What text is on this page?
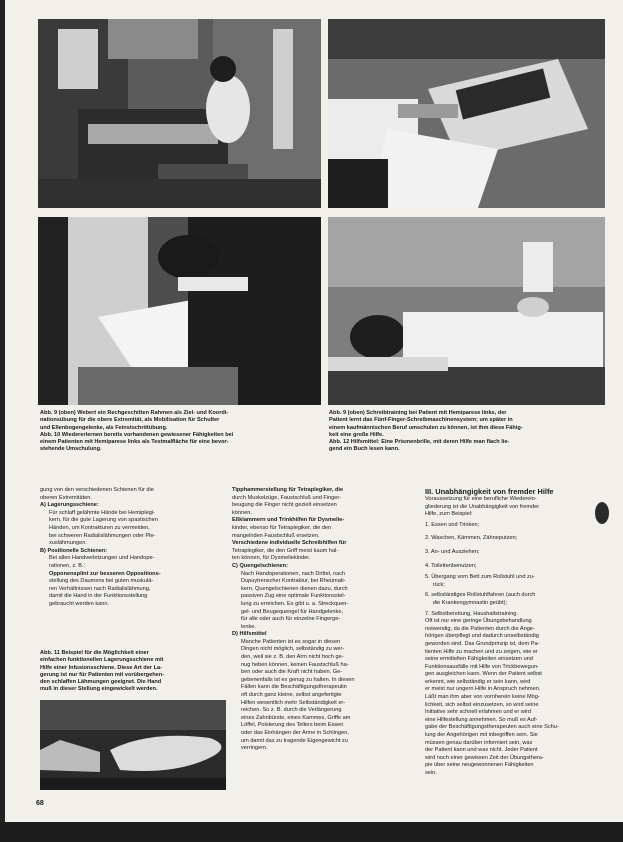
Abb. 9 (oben) Webert ein Rechgeschitten Rahmen als Ziel- und Koordi-

nationsübung für die obere Extremität, als Mobilisation für Schulter

und Ellenbogengelenke, als Feinstschrittübung.

Abb. 10 Wiedererlernen bereits vorhandenen gewiesener Fähigkeiten bei

einem Patienten mit Hemiparese links als Testmalfläche für eine bevor-

stehende Umschulung.

Abb. 9 (oben) Schreibtraining bei Patient mit Hemiparese links, der

Patient lernt das Fünf-Finger-Schreibmaschinensystem; um später in

einem kaufmännischen Beruf umschulen zu können, ist ihm diese Fähig-

keit eine große Hilfe.

Abb. 12 Hilfsmittel: Eine Prismenbrille, mit deren Hilfe man flach lie-

gend ein Buch lesen kann.

gung von den verschiedenen Schienen für die

oberen Extremitäten.

A) Lagerungsschiene:

Für schlaff gelähmte Hände bei Hemiplegi-

kern, für die gute Lagerung von spastischen

Händen, um Kontrakturen zu vermeiden,

bei schweren Radialislähmungen oder Ple-

xuslähmungen.

B) Positionelle Schienen:

Bei allen Handverletzungen und Handope-

rationen, z. B.:

Opponensplint zur besseren Oppositions-

stellung des Daumens bei guten muskulä-

ren Verhältnissen nach Radialislähmung,

damit die Hand in der Funktionsstellung

gebraucht werden kann.

Abb. 11 Beispiel für die Möglichkeit einer

einfachen funktionellen Lagerungsschiene mit

Hilfe einer Infusionsschiene. Diese Art der La-

gerung ist nur für Patienten mit vorübergehen-

den schlaffen Lähmungen geeignet. Die Hand

muß in dieser Stellung eingewickelt werden.

Tipphammerstellung für Tetraplegiker, die

durch Muskelzüge, Faustschluß und Finger-

beugung die Finger nicht gezielt einsetzen

können.

Eßklammern und Trinkhilfen für Dysmelie-

kinder, ebenso für Tetraplegiker, die den

mangelnden Faustschluß ersetzen.

Verschiedene individuelle Schreibhilfen für

Tetraplegiker, die den Griff meist kaum hal-

ten können, für Dysmeliekinder.

C) Quengelschienen:

Nach Handoperationen, nach Drittel, nach

Dupuytrenscher Kontraktur, bei Rheumati-

kern. Quengelschienen dienen dazu, durch

passiven Zug eine optimale Funktionsstel-

lung zu erreichen. Es gibt u. a. Streckquen-

gel- und Beugequengel für Handgelenke,

für alle oder auch für einzelne Fingerge-

lenke.

D) Hilfsmittel

Manche Patienten ist es sogar in diesen

Dingen nicht möglich, selbständig zu wer-

den, weil sie z. B. den Arm nicht hoch ge-

nug heben können, keinen Faustschluß ha-

ben oder auch die Kraft nicht haben. Ge-

gebenenfalls ist es genug zu halten. In diesen

Fällen kann die Beschäftigungstherapeutin

oft durch ganz kleine, selbst angefertigte

Hilfen wesentlich mehr Selbständigkeit er-

reichen. So z. B. durch die Verlängerung

eines Zahnbürste, eines Kammes, Griffe am

Löffel, Polsterung des Tellers beim Essen

oder das Einhängen der Arme in Schlingen,

um damit das zu tragende Eigengewicht zu

verringern.

III. Unabhängigkeit von fremder Hilfe

Voraussetzung für eine berufliche Wiederein-

gliederung ist die Unabhängigkeit von fremder

Hilfe, zum Beispiel:

1. Essen und Trinken;

2. Waschen, Kämmen, Zähneputzen;

3. An- und Ausziehen;

4. Toilettenbenutzen;

5. Übergang vom Bett zum Rollstuhl und zu-

rück;

6. selbständiges Rollstuhlfahren (auch durch

die Krankengymnastin geübt);

7. Selbstbereitung, Haushaltstraining.

Oft ist nur eine geringe Übungsbehandlung

notwendig, da die Patienten durch die Ange-

hörigen überpflegt und dadurch unselbständig

geworden sind. Das Grundprinzip ist, dem Pa-

tienten Hilfe zu machen und zu zeigen, wie er

seine ermittelten Fähigkeiten einsetzen und

Funktionsausfälle mit Hilfe von Trickbewegun-

gen ausgleichen kann. Wenn der Patient selbst

erkennt, wie selbständig er sein kann, wird

er meist nur ungern Hilfe in Anspruch nehmen.

Läßt man ihm aber von vornherein keine Mög-

lichkeit, sich selbst einzusetzen, so wird seine

Initiative sehr schnell erlahmen und er wird

eine Hilfestellung annehmen. So muß es Auf-

gabe der Beschäftigungstherapeuten auch eine Schu-

lung der Angehörigen mit inbegriffen sein. Sie

müssen genau darüber informiert sein, was

der Patient kann und was nicht. Jeder Patient

wird noch einer gewissen Zeit der Übungsthera-

pie über seine neugewonnenen Fähigkeiten

sein.

68
